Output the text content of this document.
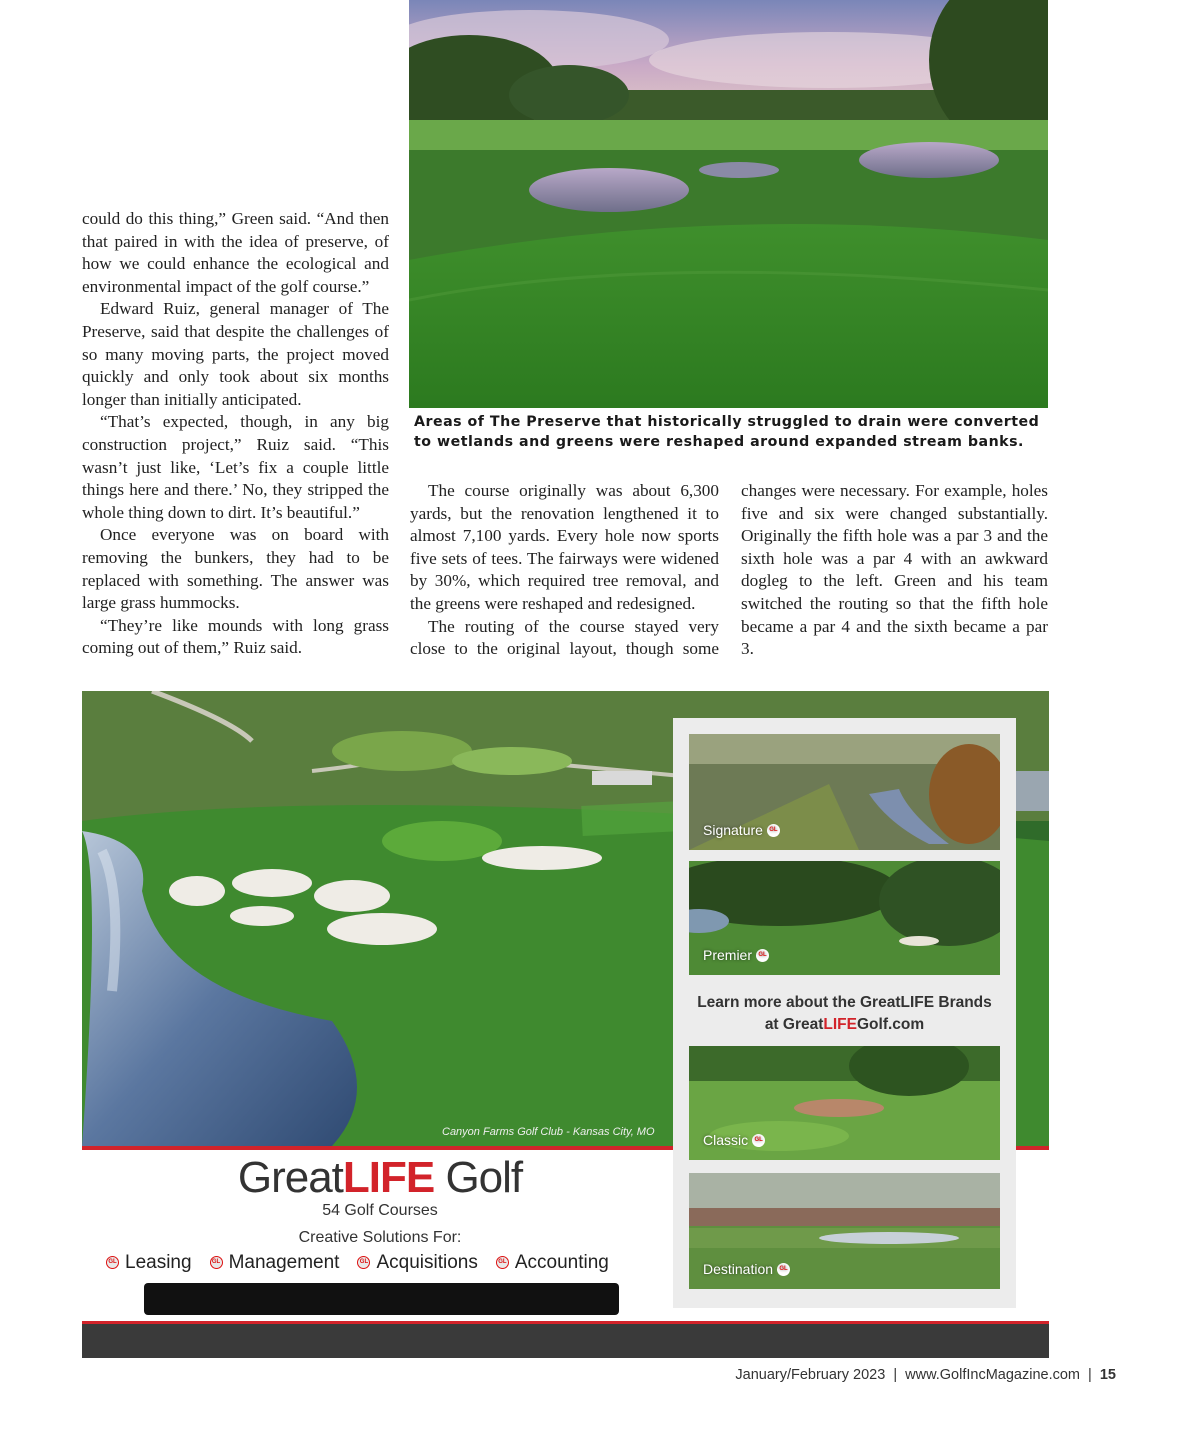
Areas of The Preserve that historically struggled to drain were converted to wetlands and greens were reshaped around expanded stream banks.

could do this thing,” Green said. “And then that paired in with the idea of preserve, of how we could enhance the ecological and environmental impact of the golf course.”

Edward Ruiz, general manager of The Preserve, said that despite the challenges of so many moving parts, the project moved quickly and only took about six months longer than initially anticipated.

“That’s expected, though, in any big construction project,” Ruiz said. “This wasn’t just like, ‘Let’s fix a couple little things here and there.’ No, they stripped the whole thing down to dirt. It’s beautiful.”

Once everyone was on board with removing the bunkers, they had to be replaced with something. The answer was large grass hummocks.

“They’re like mounds with long grass coming out of them,” Ruiz said.

The course originally was about 6,300 yards, but the renovation lengthened it to almost 7,100 yards. Every hole now sports five sets of tees. The fairways were widened by 30%, which required tree removal, and the greens were reshaped and redesigned.

The routing of the course stayed very close to the original layout, though some

changes were necessary. For example, holes five and six were changed substantially. Originally the fifth hole was a par 3 and the sixth hole was a par 4 with an awkward dogleg to the left. Green and his team switched the routing so that the fifth hole became a par 4 and the sixth became a par 3.

Canyon Farms Golf Club - Kansas City, MO
GreatLIFE Golf
54 Golf Courses
Creative Solutions For:
GL Leasing	GL Management	GL Acquisitions	GL Accounting

Learn more about the GreatLIFE Brands
at GreatLIFEGolf.com

Signature	GL
Premier	GL
Classic	GL
Destination	GL
January/February 2023 | www.GolfIncMagazine.com | 15
